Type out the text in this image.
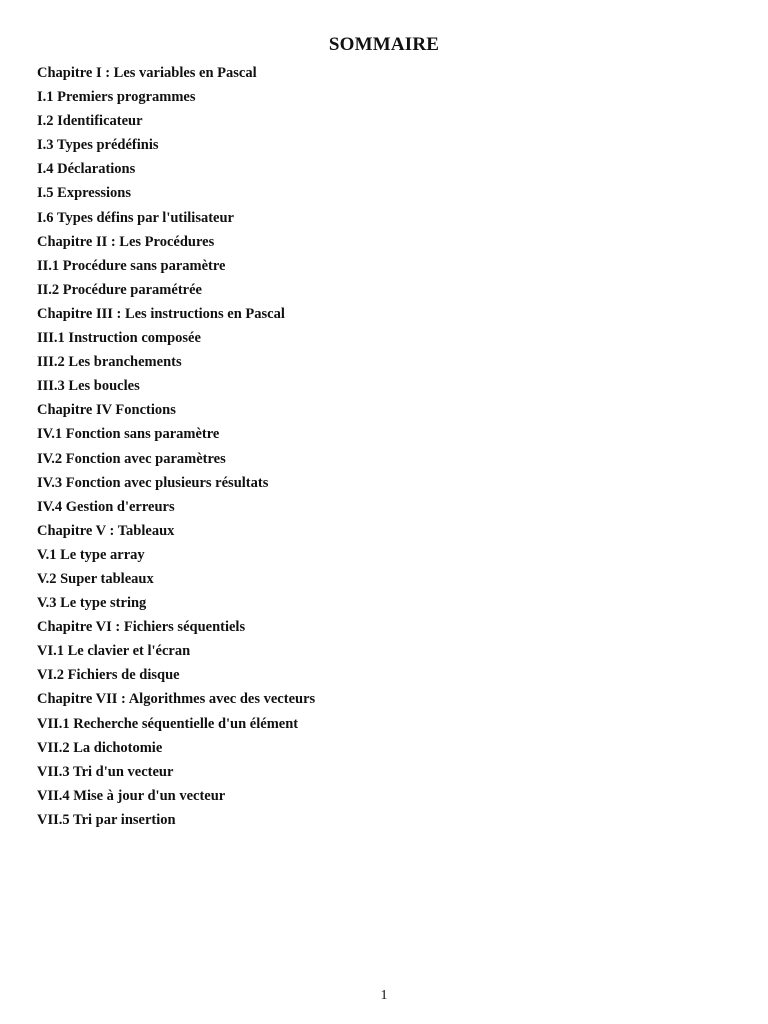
SOMMAIRE
Chapitre I : Les variables en Pascal
I.1 Premiers programmes
I.2 Identificateur
I.3 Types prédéfinis
I.4 Déclarations
I.5 Expressions
I.6 Types défins par l'utilisateur
Chapitre II : Les Procédures
II.1 Procédure sans paramètre
II.2 Procédure paramétrée
Chapitre III : Les instructions en Pascal
III.1 Instruction composée
III.2 Les branchements
III.3 Les boucles
Chapitre IV Fonctions
IV.1 Fonction sans paramètre
IV.2 Fonction avec paramètres
IV.3 Fonction avec plusieurs résultats
IV.4 Gestion d'erreurs
Chapitre V : Tableaux
V.1 Le type array
V.2 Super tableaux
V.3 Le type string
Chapitre VI : Fichiers séquentiels
VI.1 Le clavier et l'écran
VI.2 Fichiers de disque
Chapitre VII : Algorithmes avec des vecteurs
VII.1 Recherche séquentielle d'un élément
VII.2 La dichotomie
VII.3 Tri d'un vecteur
VII.4 Mise à jour d'un vecteur
VII.5 Tri par insertion
1
